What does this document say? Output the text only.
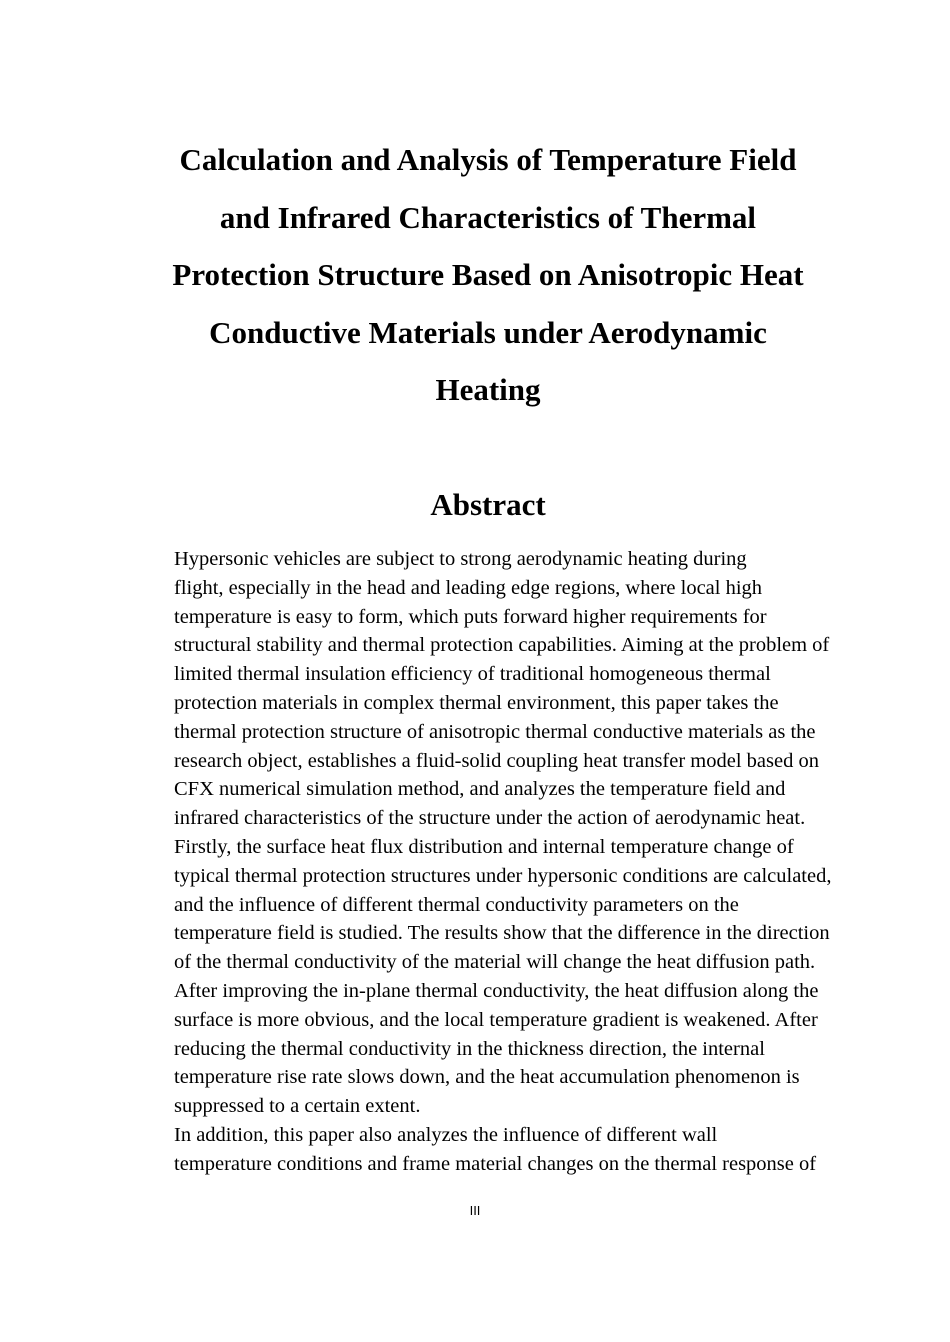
Calculation and Analysis of Temperature Field
and Infrared Characteristics of Thermal
Protection Structure Based on Anisotropic Heat
Conductive Materials under Aerodynamic
Heating
Abstract

Hypersonic vehicles are subject to strong aerodynamic heating during
flight, especially in the head and leading edge regions, where local high
temperature is easy to form, which puts forward higher requirements for
structural stability and thermal protection capabilities. Aiming at the problem of
limited thermal insulation efficiency of traditional homogeneous thermal
protection materials in complex thermal environment, this paper takes the
thermal protection structure of anisotropic thermal conductive materials as the
research object, establishes a fluid-solid coupling heat transfer model based on
CFX numerical simulation method, and analyzes the temperature field and
infrared characteristics of the structure under the action of aerodynamic heat.

Firstly, the surface heat flux distribution and internal temperature change of
typical thermal protection structures under hypersonic conditions are calculated,
and the influence of different thermal conductivity parameters on the
temperature field is studied. The results show that the difference in the direction
of the thermal conductivity of the material will change the heat diffusion path.
After improving the in-plane thermal conductivity, the heat diffusion along the
surface is more obvious, and the local temperature gradient is weakened. After
reducing the thermal conductivity in the thickness direction, the internal
temperature rise rate slows down, and the heat accumulation phenomenon is
suppressed to a certain extent.

In addition, this paper also analyzes the influence of different wall
temperature conditions and frame material changes on the thermal response of

III
